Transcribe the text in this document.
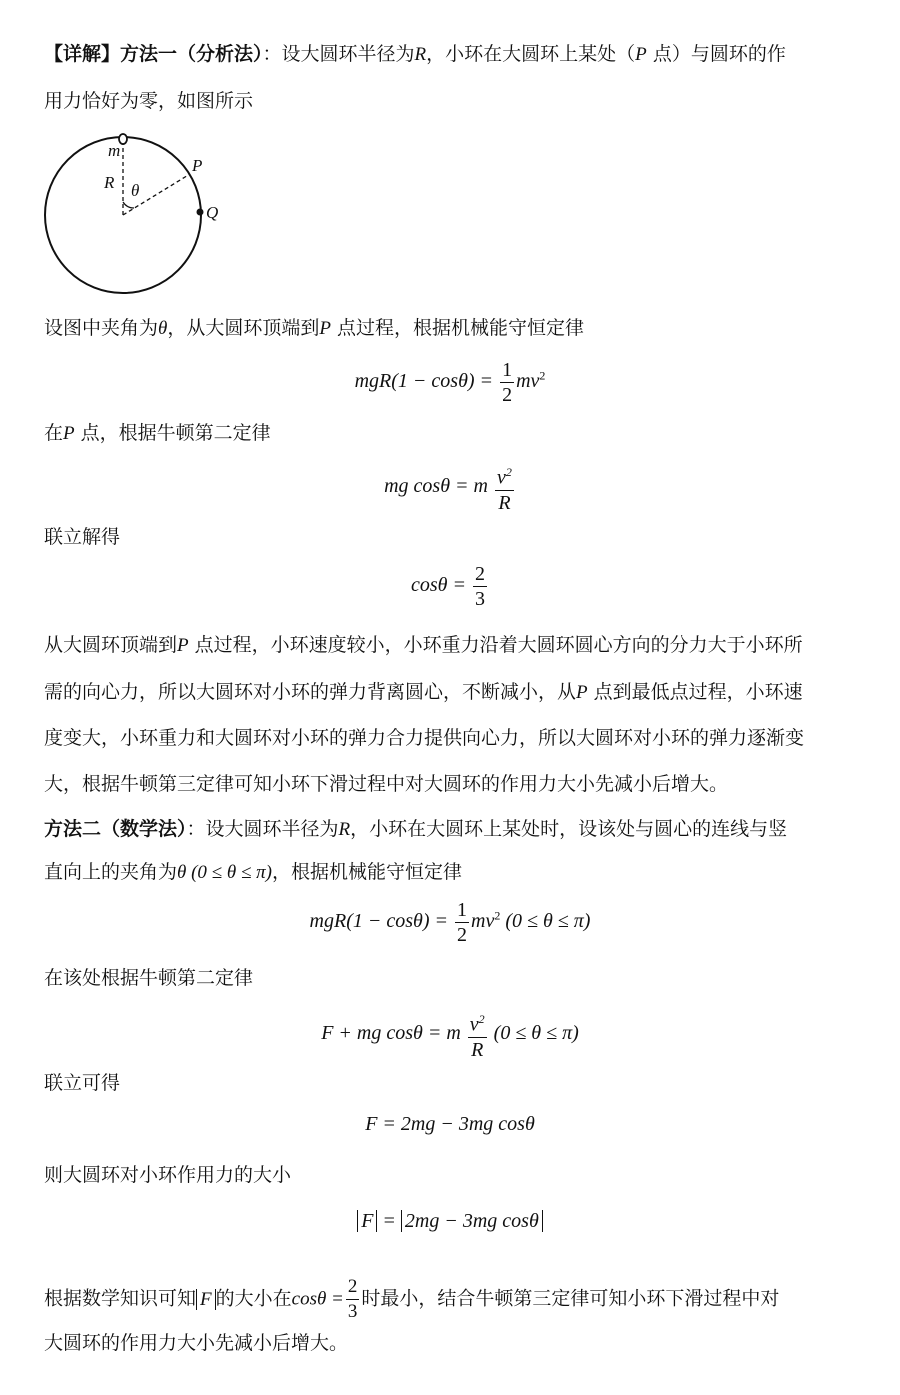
【详解】方法一（分析法）：设大圆环半径为R，小环在大圆环上某处（P 点）与圆环的作
用力恰好为零，如图所示
m
R θ
P
Q
设图中夹角为θ，从大圆环顶端到P 点过程，根据机械能守恒定律
$mgR(1 - \cos\theta) = \frac{1}{2} mv^2$
在P 点，根据牛顿第二定律
mg cosθ = m $\frac{v^2}{R}$
联立解得
$\cos\theta = \frac{2}{3}$
从大圆环顶端到P 点过程，小环速度较小，小环重力沿着大圆环圆心方向的分力大于小环所
需的向心力，所以大圆环对小环的弹力背离圆心，不断减小，从P 点到最低点过程，小环速
度变大，小环重力和大圆环对小环的弹力合力提供向心力，所以大圆环对小环的弹力逐渐变
大，根据牛顿第三定律可知小环下滑过程中对大圆环的作用力大小先减小后增大。
方法二（数学法）：设大圆环半径为R，小环在大圆环上某处时，设该处与圆心的连线与竖
直向上的夹角为θ (0 ≤ θ ≤ π)，根据机械能守恒定律
$mgR(1 - \cos\theta) = \frac{1}{2} mv^2$ (0 ≤ θ ≤ π)
在该处根据牛顿第二定律
F + mg cosθ = m $\frac{v^2}{R} (0 \le \theta \le \pi)$
联立可得
F = 2mg − 3mg cosθ
则大圆环对小环作用力的大小
F = 2mg − 3mg cosθ
根据数学知识可知 F 的大小在$\cos\theta = \frac{2}{3}$ 时最小，结合牛顿第三定律可知小环下滑过程中对
大圆环的作用力大小先减小后增大。
